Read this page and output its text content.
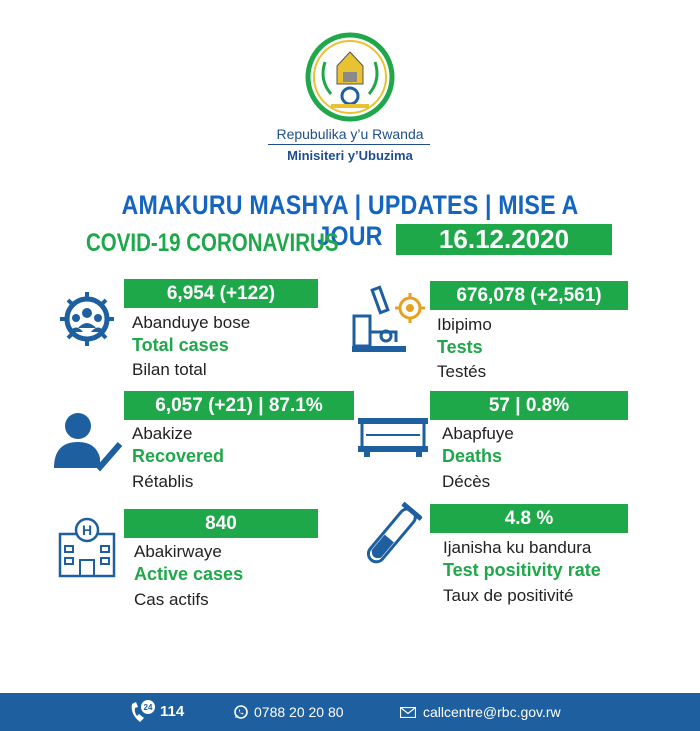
Repubulika y’u Rwanda
Minisiteri y’Ubuzima
AMAKURU MASHYA | UPDATES | MISE A JOUR
COVID-19 CORONAVIRUS	16.12.2020
6,954 (+122)
Abanduye bose
Total cases
Bilan total
676,078 (+2,561)
Ibipimo
Tests
Testés
6,057 (+21) | 87.1%
Abakize
Recovered
Rétablis
57 | 0.8%
Abapfuye
Deaths
Décès
H	840
Abakirwaye
Active cases
Cas actifs
4.8 %
Ijanisha ku bandura
Test positivity rate
Taux de positivité
24 114	0788 20 20 80	callcentre@rbc.gov.rw
